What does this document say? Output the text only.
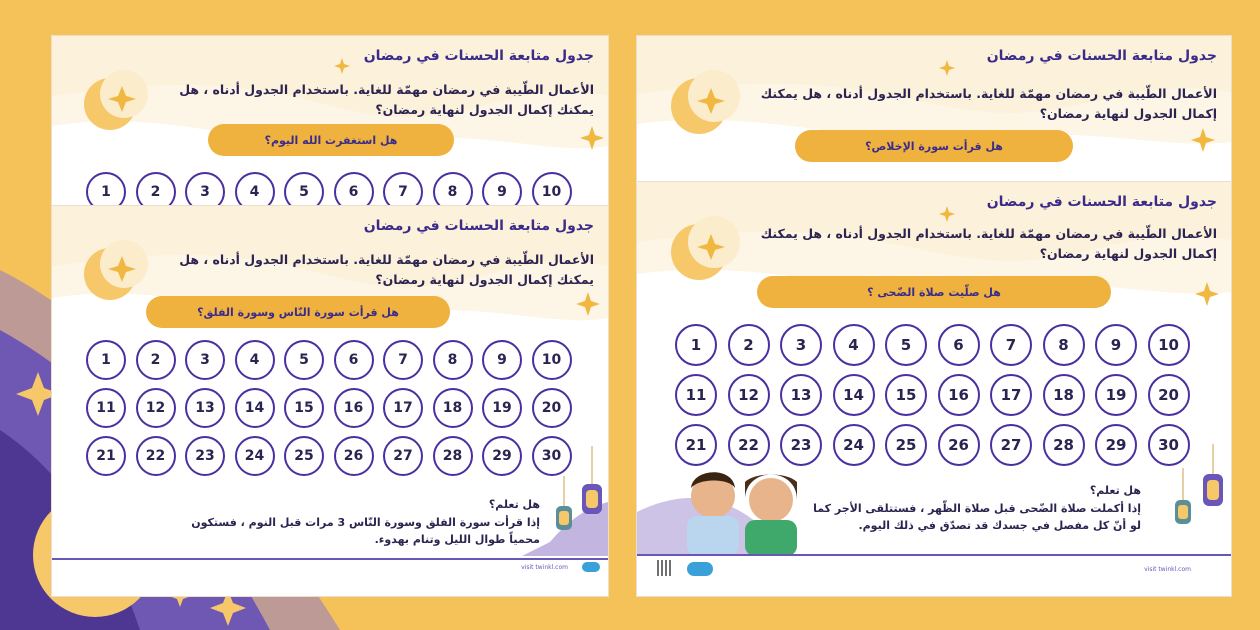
جدول متابعة الحسنات في رمضان
الأعمال الطّيبة في رمضان مهمّة للغاية. باستخدام الجدول أدناه ، هل يمكنك إكمال الجدول لنهاية رمضان؟
هل استغفرت الله اليوم؟
1	2	3	4	5	6	7	8	9	10
جدول متابعة الحسنات في رمضان
الأعمال الطّيبة في رمضان مهمّة للغاية. باستخدام الجدول أدناه ، هل يمكنك إكمال الجدول لنهاية رمضان؟
هل قرأت سورة الإخلاص؟
جدول متابعة الحسنات في رمضان
الأعمال الطّيبة في رمضان مهمّة للغاية. باستخدام الجدول أدناه ، هل يمكنك إكمال الجدول لنهاية رمضان؟
هل قرأت سورة النّاس وسورة الفلق؟
1	2	3	4	5	6	7	8	9	10
11	12	13	14	15	16	17	18	19	20
21	22	23	24	25	26	27	28	29	30
هل تعلم؟
إذا قرأت سورة الفلق وسورة النّاس 3 مرات قبل النوم ، فستكون محمياً طوال الليل وتنام بهدوء.
visit twinkl.com
جدول متابعة الحسنات في رمضان
الأعمال الطّيبة في رمضان مهمّة للغاية. باستخدام الجدول أدناه ، هل يمكنك إكمال الجدول لنهاية رمضان؟
هل صلّيت صلاة الضّحى ؟
1	2	3	4	5	6	7	8	9	10
11	12	13	14	15	16	17	18	19	20
21	22	23	24	25	26	27	28	29	30
هل تعلم؟
إذا أكملت صلاة الضّحى قبل صلاة الظّهر ، فستتلقى الأجر كما لو أنّ كل مفصل في جسدك قد تصدّق في ذلك اليوم.
visit twinkl.com
